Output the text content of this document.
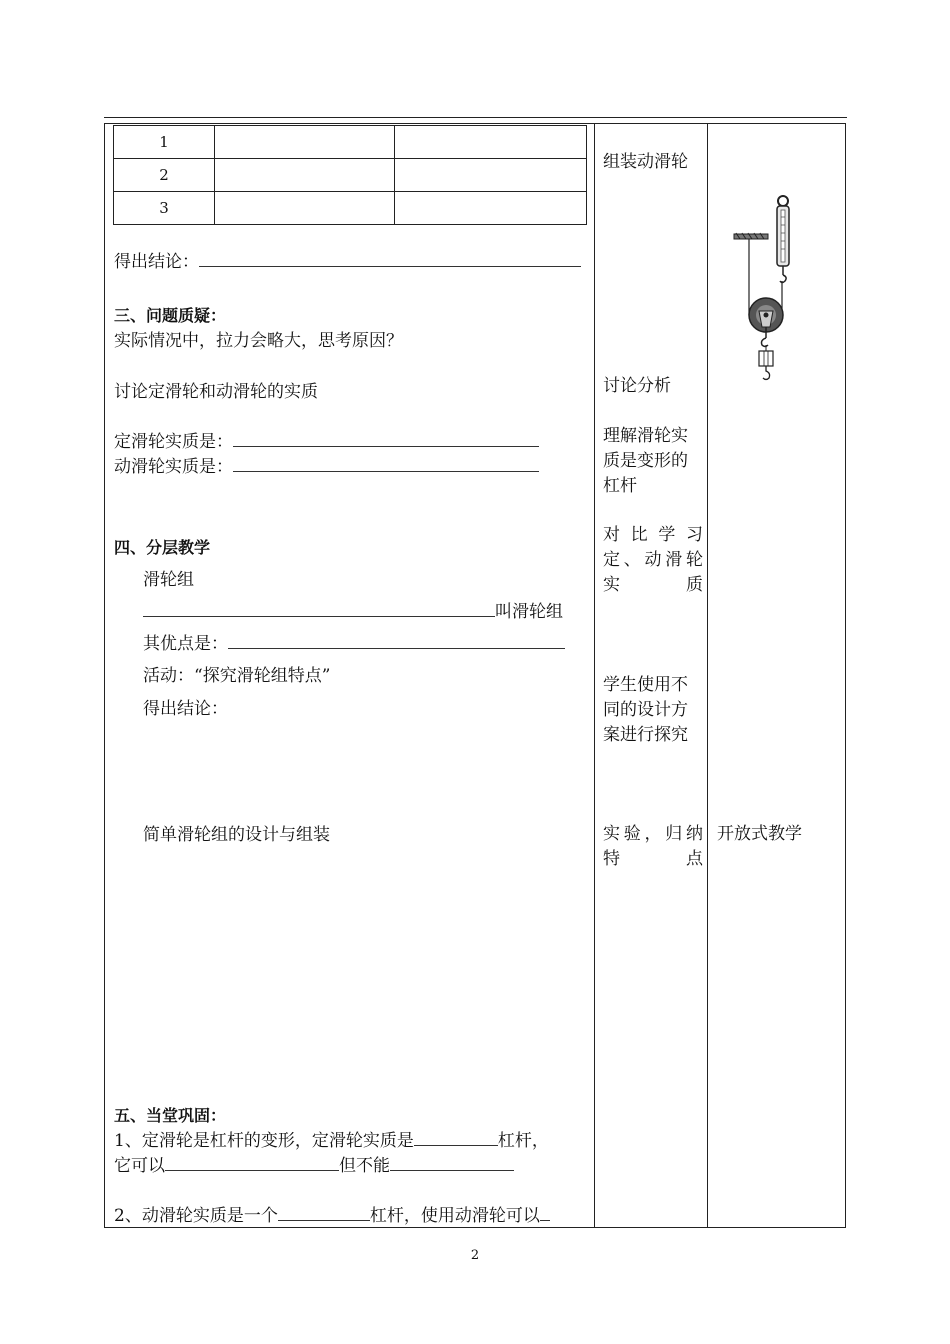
1		
2		
3		
得出结论：
三、问题质疑：
实际情况中，拉力会略大，思考原因？
讨论定滑轮和动滑轮的实质
定滑轮实质是：
动滑轮实质是：
四、分层教学
滑轮组
叫滑轮组
其优点是：
活动：“探究滑轮组特点”
得出结论：
简单滑轮组的设计与组装
五、当堂巩固：
1、定滑轮是杠杆的变形，定滑轮实质是	杠杆，
它可以	但不能
2、动滑轮实质是一个	杠杆，使用动滑轮可以
组装动滑轮
讨论分析
理解滑轮实质是变形的杠杆
对比学习定、动滑轮实质
学生使用不同的设计方案进行探究
实验，归纳特点
开放式教学
2
